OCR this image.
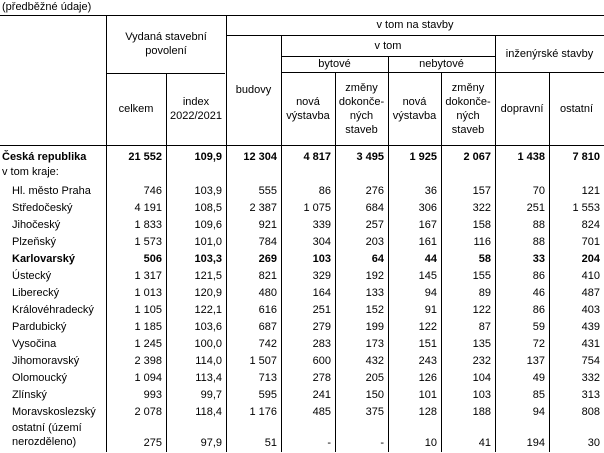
(předběžné údaje)
Vydaná stavební povolení
celkem
index 2022/2021
v tom na stavby
budovy
v tom
bytové	nebytové
nová výstavba
změny dokonče-ných staveb
nová výstavba
změny dokonče-ných staveb
inženýrské stavby
dopravní	ostatní
v tom kraje:
Česká republika	21 552	109,9	12 304	4 817	3 495	1 925	2 067	1 438	7 810
Hl. město Praha	746	103,9	555	86	276	36	157	70	121
Středočeský	4 191	108,5	2 387	1 075	684	306	322	251	1 553
Jihočeský	1 833	109,6	921	339	257	167	158	88	824
Plzeňský	1 573	101,0	784	304	203	161	116	88	701
Karlovarský	506	103,3	269	103	64	44	58	33	204
Ústecký	1 317	121,5	821	329	192	145	155	86	410
Liberecký	1 013	120,9	480	164	133	94	89	46	487
Královéhradecký	1 105	122,1	616	251	152	91	122	86	403
Pardubický	1 185	103,6	687	279	199	122	87	59	439
Vysočina	1 245	100,0	742	283	173	151	135	72	431
Jihomoravský	2 398	114,0	1 507	600	432	243	232	137	754
Olomoucký	1 094	113,4	713	278	205	126	104	49	332
Zlínský	993	99,7	595	241	150	101	103	85	313
Moravskoslezský	2 078	118,4	1 176	485	375	128	188	94	808
ostatní (území nerozděleno)	275	97,9	51	-	-	10	41	194	30
